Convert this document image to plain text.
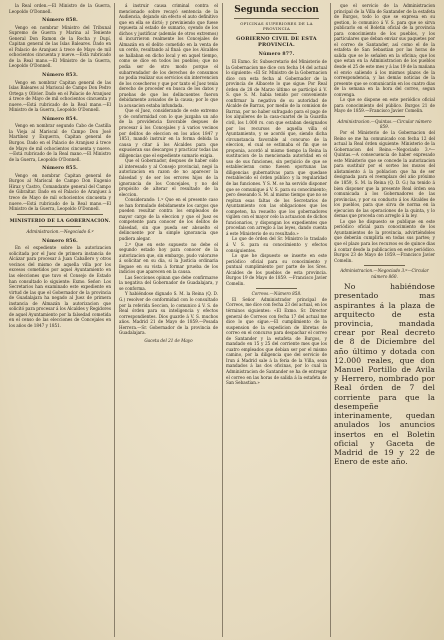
la Real orden.—El Ministro de la Guerra, Leopoldo O'Donnell.

Número 858.

Vengo en nombrar Ministro del Tribunal Supremo de Guerra y Marina al Teniente General Don Ramon de la Rocha y Dupí, Capitan general de las Islas Baleares. Dado en el Palacio de Aranjuez á trece de Mayo de mil ochocientos cincuenta y nueve.—Está rubricado de la Real mano.—El Ministro de la Guerra, Leopoldo O'Donnell.

Número 853.

Vengo en nombrar Capitan general de las Islas Baleares al Mariscal de Campo Don Pedro Ortega y Olivier. Dado en el Palacio de Aranjuez á trece de Mayo de mil ochocientos cincuenta y nueve.—Está rubricado de la Real mano.—El Ministro de la Guerra, Leopoldo O'Donnell.

Número 854.

Vengo en nombrar segundo Cabo de Castilla la Vieja al Mariscal de Campo Don José Martínez y Exquerra, Capitan general de Burgos. Dado en el Palacio de Aranjuez á trece de Mayo de mil ochocientos cincuenta y nueve.—Está rubricado de la Real mano.—El Ministro de la Guerra, Leopoldo O'Donnell.

Número 855.

Vengo en nombrar Capitan general de Burgos al Mariscal de Campo Don Eugenio Hiraz y Castro, Comandante general del Campo de Gibraltar. Dado en el Palacio de Aranjuez á trece de Mayo de mil ochocientos cincuenta y nueve.—Está rubricado de la Real mano.—El Ministro de la Guerra, Leopoldo O'Donnell.

MINISTERIO DE LA GOBERNACION.

Administracion.—Negociado 6.º

Número 856.

En el expediente sobre la autorizacion solicitada por el Juez de primera instancia de Alcázar para procesar á Juan Caballero y otros vecinos del mismo de aquella villa por los excesos cometidos por aquel Ayuntamiento en las elecciones que tuvo el Consejo de Estado han consultado lo siguiente: Exmo. Señor: Los Secretarios han examinado este expediente en virtud de las que el Gobernador de la provincia de Guadalajara ha negado al Juez de primera instancia de Almazán la autorizacion que solicitó para procesar á los Alcaldes y Regidores de aquel Ayuntamiento por la falsedad cometida en el censo de las elecciones de Concejales en los años de 1847 y 1851.

á instruir causa criminal contra el mencionado sobre recayó sentencia de la Audiencia, dejando sin efecto el auto definitivo que en ella se dictó; y previniendo que fuese repuesta al estado de sumario, oyendo de los dichos y justificar (además de otros extremos) si incurrieron realmente los Concejales de Almazán en el delito cometido en la venta de un cerdo, resultando al final: que los Alcaldes se hallaban en dicho local y en aquel tiempo, como se dice en todos los pueblos; que no podia ser de otro modo porque el subarrendador de los derechos de consumos no podia realizar sus servicios sin intervencion de los cosecheros y que por tanto el Juez tenia derecho de proceder en busca de los datos y pruebas de que los delincuentes fueron debidamente avisados de la causa; por lo que la acusacion estaba infundada.

Que el Juez, considerando de este extremo y de conformidad con lo que juzgaba un año de la providencia favorable despues de procesar á los Concejales y á varios vecinos por delitos de eleccion en los años 1847 y 1851, mandó instruir en la forma debida la causa y citar á los Alcaldes para que expusieran sus descargos y practicar todas las diligencias que el expediente sumario exigia.

Que el Gobernador, despues de haber oido al interesado y al Consejo provincial, negó la autorizacion en razon de no aparecer la falsedad y de ser los errores hijos de la ignorancia de los Concejales, y no del propósito de alterar el resultado de la eleccion.

Considerando: 1.º Que en el presente caso se han formulado debidamente los cargos que pueden resultar contra los empleados de mayor cargo de la eleccion y que el Juez es competente para conocer de los delitos de falsedad, sin que pueda ser absuelto el delincuente por la simple ignorancia que pudiera alegar.

2.º Que en este supuesto no debe el segundo estado hoy para conocer de la autorizacion que, sin embargo, pudo valorarse á solicitar en su dia, si la Justicia ordinaria llegase en su vista á formar prueba de los indicios que aparecen en la causa.

Las Secciones opinan que debe confirmarse la negativa del Gobernador de Guadalajara, y se conforma.

Y habiéndose dignado S. M. la Reina (Q. D. G.) resolver de conformidad con lo consultado por la referida Seccion, lo comunico á V. S. de Real órden para su inteligencia y efectos correspondientes. Dios guarde á V. S. muchos años. Madrid 21 de Mayo de 1859.—Posada Herrera.—Sr. Gobernador de la provincia de Guadalajara.

Gaceta del 21 de Mayo

Segunda seccion

OFICINAS SUPERIORES DE LA PROVINCIA

GOBIERNO CIVIL DE ESTA PROVINCIA.

Número 877.

El Exmo. Sr. Subsecretario del Ministerio de la Gobernacion me dice con fecha 14 del actual lo siguiente: «El Sr. Ministro de la Gobernacion dice con esta fecha al Gobernador de la provincia de Albacete lo que sigue: Por Real órden de 28 de Marzo último se participó á V. S. que S. M. habia tenido por conveniente confirmar la negativa de su autoridad de Alcalde de Barrax, por medio de la comision de Barrax, por no haber sufragado para el pago de los alquileres de la casa-cuartel de la Guardia civil, los 1.000 rs. con que estaban designados por los recursos de aquella villa el Ayuntamiento, y se acordó que, siendo dicha circunstancia favorable al concurso de la eleccion, el cual se estimaba el fin que se proponia, acordó al mismo tiempo la Reina la sustitucion de la mencionada autoridad en el uso de sus funciones, sin perjuicio de que se establecieran como fuesen oportunas las diligencias gubernativas para que quedase restablecido el órden público y la regularidad de las funciones. Y S. M. se ha servido disponer que se comunique á V. S. para su conocimiento; pero deseando S. M. al mismo tiempo que no se repitan esas faltas de los Secretarios de Ayuntamiento con las obligaciones que les competen, ha resuelto que los gobernadores vigilen con el mayor celo la actuacion de dichos funcionarios, y dispongan los expedientes que procedan con arreglo á las leyes, dando cuenta á este Ministerio de su resultado.»

Lo que de órden del Sr. Ministro lo traslado á V. S. para su conocimiento y efectos consiguientes.

Lo que he dispuesto se inserte en este periódico oficial para su conocimiento y puntual cumplimiento por parte de los Sres. Alcaldes de los pueblos de esta provincia. Burgos 19 de Mayo de 1859. —Francisco Javier Comelin.

Correos.—Número 858.

El Señor Administrador principal de Correos, me dice con fecha 23 del actual, en los términos siguientes: «El Exmo. Sr. Director general de Correos con fecha 17 del actual me dice lo que sigue.—El cumplimiento de la suspension de la expedicion de libretas de correo en el concurso para despachar el correo de Santander y la estafeta de Burgos, y mandado en 15 y 25 del corriente mes que los cuatro empleados que debian ser por el mismo camino, por la diligencia que del servicio de Irun á Madrid sale á la feria de la Villa, sean mandados á las dos oficinas, por lo cual la Administracion de Santander se ha de entregar el correo en las horas de salida á la estafeta de San Sebastian.»

que el servicio de la Administracion principal de la Villa de Santander de la estafeta de Burgos, todo lo que se expresa en su gestion, lo comunico á V. S. para que se sirva publicarlo en el Boletin oficial de la provincia para conocimiento de los pueblos, y los particulares que deban enviar sus paquetes por el correo de Santander, así como el de la estafeta de San Sebastian por las horas de salida que se le señalen en la oficina; que los que estan en la Administracion de los pueblos desde el 25 de este mes y á las 19 de la mañana el envio saliendo á los mismos plazos de la correspondencia, y las demás noticias de la presente que se comunicarán en los cuatro dias de la semana en la hora del correo, segun convenga.

Lo que se dispone en este periódico oficial para conocimiento del público. Burgos 21 de Mayo de 1859.—Francisco Javier Comelin.

Administracion.—Quintas.—Circular número 859.

Por el Ministerio de la Gobernacion del Reino se me ha comunicado con fecha 12 del actual la Real órden siguiente: Ministerio de la Gobernacion del Reino.—Negociado 3.º—Quintas.—A consecuencia de haber expresado este Ministerio que se concede la autorizacion para sustituir por el sorteo los mozos del alistamiento á la poblacion que ha de ser designada para el reemplazo del año próximo de 1859, S. M. la Reina (Q. D. G.) ha tenido á bien disponer que la presente Real órden sea comunicada á los Gobernadores de las provincias, y por su conducto á los Alcaldes de los pueblos, para que sirva de norma en la ejecucion de las operaciones de la quinta, y lo demas que proceda con arreglo á la ley.

Lo que he dispuesto se publique en este periódico oficial para conocimiento de los Ayuntamientos de la provincia, advirtiéndoles que deberán cumplirla en todas sus partes; y que el plazo para los recursos es de quince dias á contar desde la publicacion en este periódico. Burgos 23 de Mayo de 1859.—Francisco Javier Comelin.

Administracion.—Negociado 3.º—Circular número 860.

No habiéndose presentado mas aspirantes á la plaza de arquitecto de esta provincia, mandada crear por Real decreto de 8 de Diciembre del año último y dotada con 12.000 reales, que don Manuel Portillo de Avila y Herrero, nombrado por Real órden de 7 del corriente para que la desempeñe interinamente, quedan anulados los anuncios insertos en el Boletin oficial y Gaceta de Madrid de 19 y 22 de Enero de este año.
